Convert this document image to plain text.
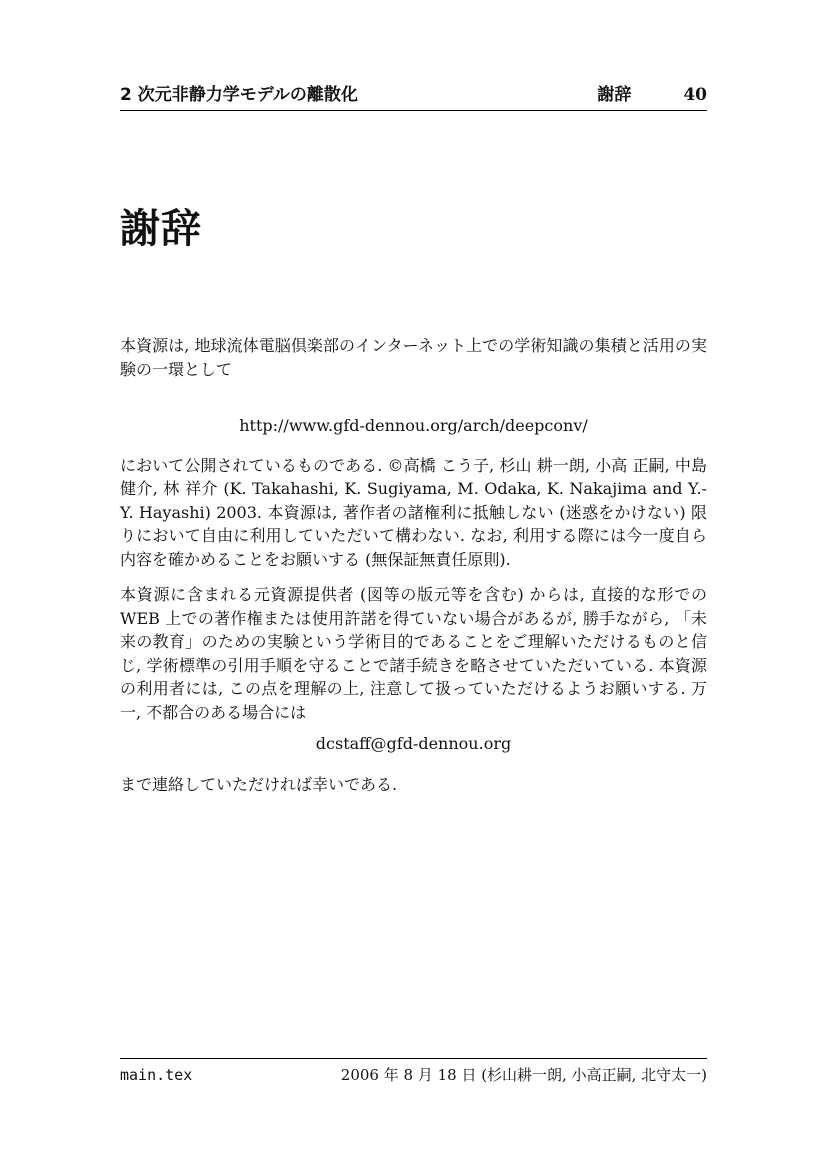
2 次元非静力学モデルの離散化	謝辞	40
謝辞

本資源は, 地球流体電脳倶楽部のインターネット上での学術知識の集積と活用の実験の一環として

http://www.gfd-dennou.org/arch/deepconv/

において公開されているものである. ©高橋 こう子, 杉山 耕一朗, 小高 正嗣, 中島 健介, 林 祥介 (K. Takahashi, K. Sugiyama, M. Odaka, K. Nakajima and Y.-Y. Hayashi) 2003. 本資源は, 著作者の諸権利に抵触しない (迷惑をかけない) 限りにおいて自由に利用していただいて構わない. なお, 利用する際には今一度自ら内容を確かめることをお願いする (無保証無責任原則).

本資源に含まれる元資源提供者 (図等の版元等を含む) からは, 直接的な形での WEB 上での著作権または使用許諾を得ていない場合があるが, 勝手ながら, 「未来の教育」のための実験という学術目的であることをご理解いただけるものと信じ, 学術標準の引用手順を守ることで諸手続きを略させていただいている. 本資源の利用者には, この点を理解の上, 注意して扱っていただけるようお願いする. 万一, 不都合のある場合には

dcstaff@gfd-dennou.org

まで連絡していただければ幸いである.

main.tex	2006 年 8 月 18 日 (杉山耕一朗, 小高正嗣, 北守太一)
